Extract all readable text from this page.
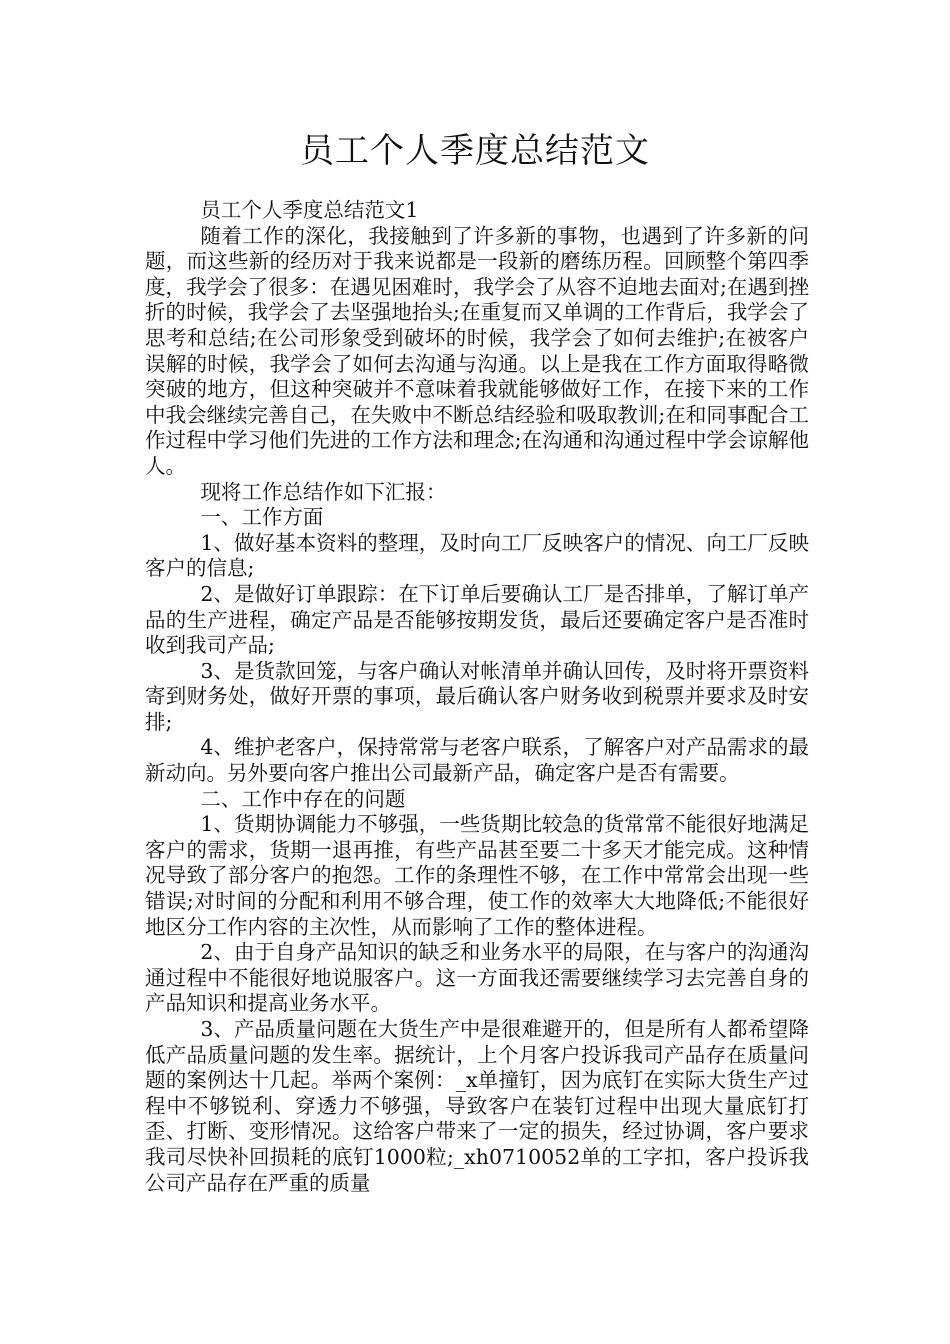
员工个人季度总结范文

员工个人季度总结范文1

随着工作的深化，我接触到了许多新的事物，也遇到了许多新的问题，而这些新的经历对于我来说都是一段新的磨练历程。回顾整个第四季度，我学会了很多：在遇见困难时，我学会了从容不迫地去面对;在遇到挫折的时候，我学会了去坚强地抬头;在重复而又单调的工作背后，我学会了思考和总结;在公司形象受到破坏的时候，我学会了如何去维护;在被客户误解的时候，我学会了如何去沟通与沟通。以上是我在工作方面取得略微突破的地方，但这种突破并不意味着我就能够做好工作，在接下来的工作中我会继续完善自己，在失败中不断总结经验和吸取教训;在和同事配合工作过程中学习他们先进的工作方法和理念;在沟通和沟通过程中学会谅解他人。

现将工作总结作如下汇报：

一、工作方面

1、做好基本资料的整理，及时向工厂反映客户的情况、向工厂反映客户的信息;

2、是做好订单跟踪：在下订单后要确认工厂是否排单，了解订单产品的生产进程，确定产品是否能够按期发货，最后还要确定客户是否准时收到我司产品;

3、是货款回笼，与客户确认对帐清单并确认回传，及时将开票资料寄到财务处，做好开票的事项，最后确认客户财务收到税票并要求及时安排;

4、维护老客户，保持常常与老客户联系，了解客户对产品需求的最新动向。另外要向客户推出公司最新产品，确定客户是否有需要。

二、工作中存在的问题

1、货期协调能力不够强，一些货期比较急的货常常不能很好地满足客户的需求，货期一退再推，有些产品甚至要二十多天才能完成。这种情况导致了部分客户的抱怨。工作的条理性不够，在工作中常常会出现一些错误;对时间的分配和利用不够合理，使工作的效率大大地降低;不能很好地区分工作内容的主次性，从而影响了工作的整体进程。

2、由于自身产品知识的缺乏和业务水平的局限，在与客户的沟通沟通过程中不能很好地说服客户。这一方面我还需要继续学习去完善自身的产品知识和提高业务水平。

3、产品质量问题在大货生产中是很难避开的，但是所有人都希望降低产品质量问题的发生率。据统计，上个月客户投诉我司产品存在质量问题的案例达十几起。举两个案例：_x单撞钉，因为底钉在实际大货生产过程中不够锐利、穿透力不够强，导致客户在装钉过程中出现大量底钉打歪、打断、变形情况。这给客户带来了一定的损失，经过协调，客户要求我司尽快补回损耗的底钉1000粒;_xh0710052单的工字扣，客户投诉我公司产品存在严重的质量
